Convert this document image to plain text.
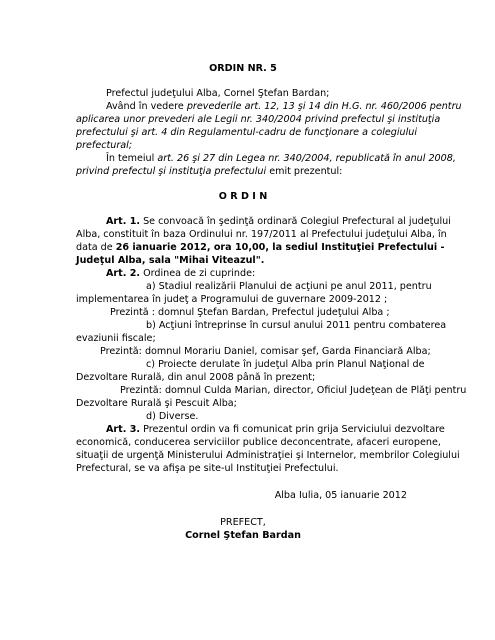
ORDIN NR. 5
Prefectul judeţului Alba, Cornel Ştefan Bardan;
Având în vedere prevederile art. 12, 13 şi 14 din H.G. nr. 460/2006 pentru
aplicarea unor prevederi ale Legii nr. 340/2004 privind prefectul şi instituţia
prefectului şi art. 4 din Regulamentul-cadru de funcţionare a colegiului
prefectural;
În temeiul art. 26 şi 27 din Legea nr. 340/2004, republicată în anul 2008,
privind prefectul şi instituţia prefectului emit prezentul:
O R D I N
Art. 1. Se convoacă în şedinţă ordinară Colegiul Prefectural al judeţului
Alba, constituit în baza Ordinului nr. 197/2011 al Prefectului judeţului Alba, în
data de 26 ianuarie 2012, ora 10,00, la sediul Instituţiei Prefectului -
Judeţul Alba, sala "Mihai Viteazul".
Art. 2. Ordinea de zi cuprinde:
a) Stadiul realizării Planului de acţiuni pe anul 2011, pentru
implementarea în judeţ a Programului de guvernare 2009-2012 ;
Prezintă : domnul Ştefan Bardan, Prefectul judeţului Alba ;
b) Acţiuni întreprinse în cursul anului 2011 pentru combaterea
evaziunii fiscale;
Prezintă: domnul Morariu Daniel, comisar şef, Garda Financiară Alba;
c) Proiecte derulate în judeţul Alba prin Planul Naţional de
Dezvoltare Rurală, din anul 2008 până în prezent;
Prezintă: domnul Culda Marian, director, Oficiul Judeţean de Plăţi pentru
Dezvoltare Rurală şi Pescuit Alba;
d) Diverse.
Art. 3. Prezentul ordin va fi comunicat prin grija Serviciului dezvoltare
economică, conducerea serviciilor publice deconcentrate, afaceri europene,
situaţii de urgenţă Ministerului Administraţiei şi Internelor, membrilor Colegiului
Prefectural, se va afişa pe site-ul Instituţiei Prefectului.
Alba Iulia, 05 ianuarie 2012
PREFECT,
Cornel Ştefan Bardan
